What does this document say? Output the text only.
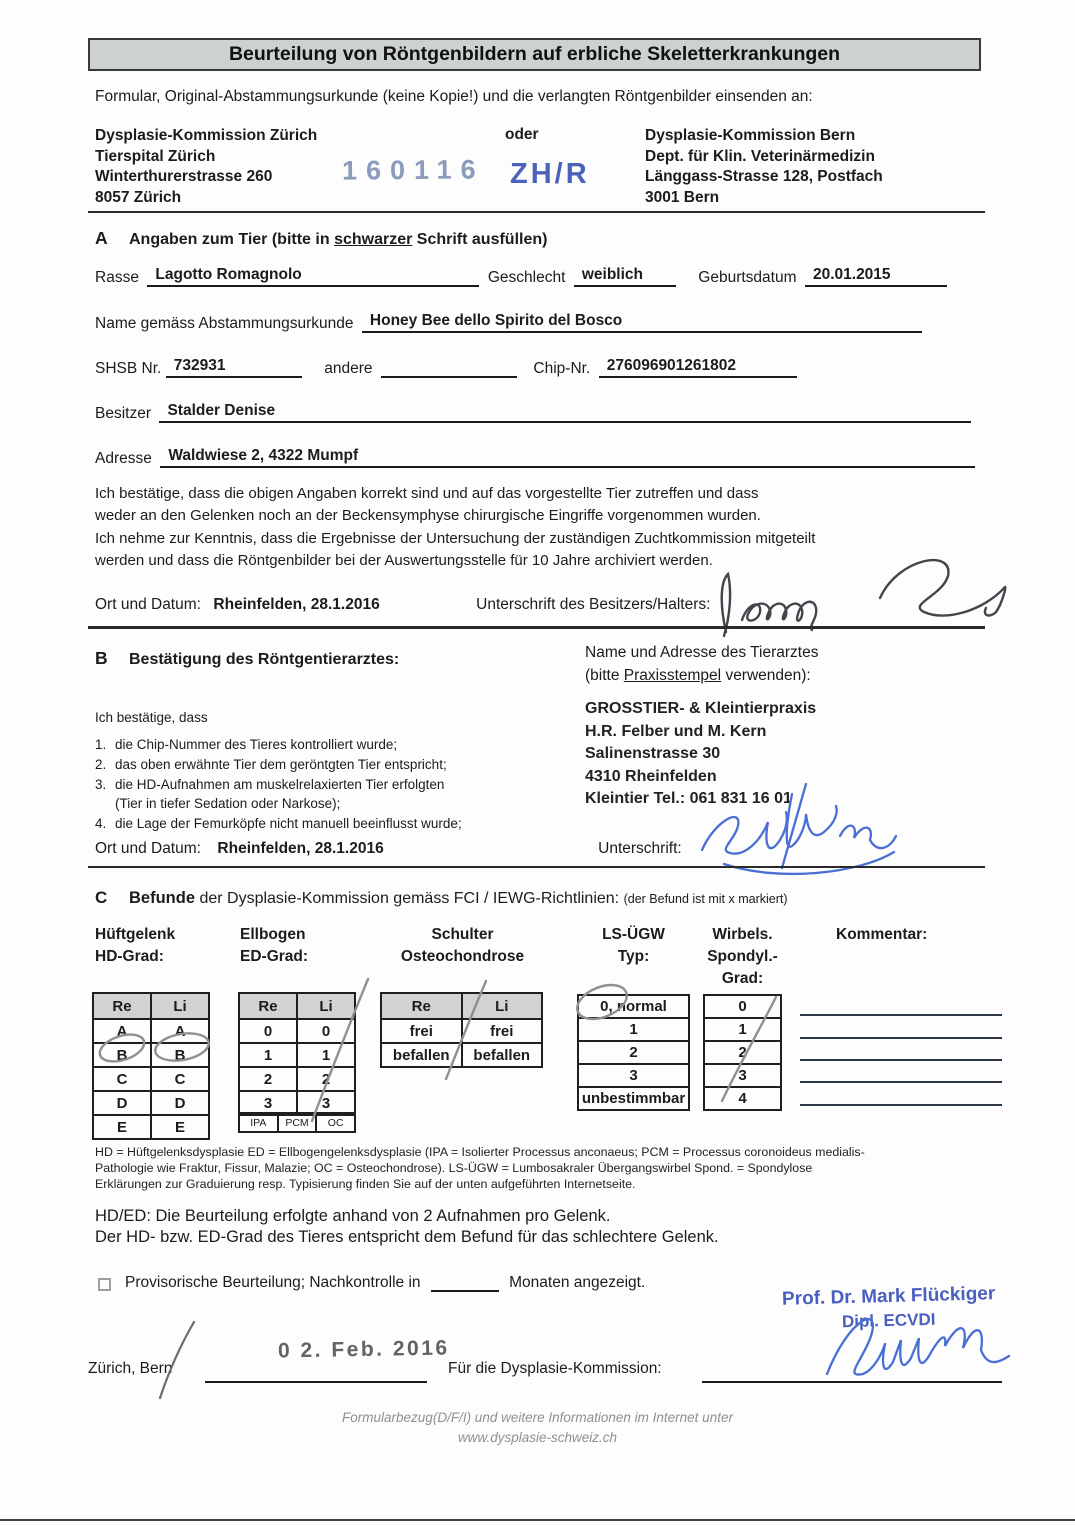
Beurteilung von Röntgenbildern auf erbliche Skeletterkrankungen
Formular, Original-Abstammungsurkunde (keine Kopie!) und die verlangten Röntgenbilder einsenden an:
Dysplasie-Kommission Zürich
Tierspital Zürich
Winterthurerstrasse 260
8057 Zürich
oder	Dysplasie-Kommission Bern
Dept. für Klin. Veterinärmedizin
Länggass-Strasse 128, Postfach
3001 Bern
160116 ZH/R
A Angaben zum Tier (bitte in schwarzer Schrift ausfüllen)
Rasse Lagotto Romagnolo	Geschlecht weiblich	Geburtsdatum 20.01.2015
Name gemäss Abstammungsurkunde Honey Bee dello Spirito del Bosco
SHSB Nr. 732931	andere	Chip-Nr. 276096901261802
Besitzer Stalder Denise
Adresse Waldwiese 2, 4322 Mumpf
Ich bestätige, dass die obigen Angaben korrekt sind und auf das vorgestellte Tier zutreffen und dass
weder an den Gelenken noch an der Beckensymphyse chirurgische Eingriffe vorgenommen wurden.
Ich nehme zur Kenntnis, dass die Ergebnisse der Untersuchung der zuständigen Zuchtkommission mitgeteilt
werden und dass die Röntgenbilder bei der Auswertungsstelle für 10 Jahre archiviert werden.
Ort und Datum: Rheinfelden, 28.1.2016	Unterschrift des Besitzers/Halters:
B Bestätigung des Röntgentierarztes:	Name und Adresse des Tierarztes
(bitte Praxisstempel verwenden):
Ich bestätige, dass
1. die Chip-Nummer des Tieres kontrolliert wurde;
2. das oben erwähnte Tier dem geröntgten Tier entspricht;
3. die HD-Aufnahmen am muskelrelaxierten Tier erfolgten
(Tier in tiefer Sedation oder Narkose);
4. die Lage der Femurköpfe nicht manuell beeinflusst wurde;
GROSSTIER- & Kleintierpraxis
H.R. Felber und M. Kern
Salinenstrasse 30
4310 Rheinfelden
Kleintier Tel.: 061 831 16 01
Ort und Datum: Rheinfelden, 28.1.2016	Unterschrift:
C Befunde der Dysplasie-Kommission gemäss FCI / IEWG-Richtlinien: (der Befund ist mit x markiert)
Hüftgelenk
HD-Grad:
Ellbogen
ED-Grad:
Schulter
Osteochondrose
LS-ÜGW
Typ:
Wirbels.
Spondyl.-
Grad:
Kommentar:
Re	Li
A	A
B	B
C	C
D	D
E	E
Re	Li
0	0
1	1
2	2
3	3
IPA	PCM	OC
Re	Li
frei	frei
befallen	befallen
0, normal
1
2
3
unbestimmbar
0
1
2
3
4
HD = Hüftgelenksdysplasie ED = Ellbogengelenksdysplasie (IPA = Isolierter Processus anconaeus; PCM = Processus coronoideus medialis-
Pathologie wie Fraktur, Fissur, Malazie; OC = Osteochondrose). LS-ÜGW = Lumbosakraler Übergangswirbel Spond. = Spondylose
Erklärungen zur Graduierung resp. Typisierung finden Sie auf der unten aufgeführten Internetseite.
HD/ED: Die Beurteilung erfolgte anhand von 2 Aufnahmen pro Gelenk.
Der HD- bzw. ED-Grad des Tieres entspricht dem Befund für das schlechtere Gelenk.
Provisorische Beurteilung; Nachkontrolle in	Monaten angezeigt.
Prof. Dr. Mark Flückiger
Dipl. ECVDI
0 2. Feb. 2016
Zürich, Bern	Für die Dysplasie-Kommission:
Formularbezug(D/F/I) und weitere Informationen im Internet unter
www.dysplasie-schweiz.ch
